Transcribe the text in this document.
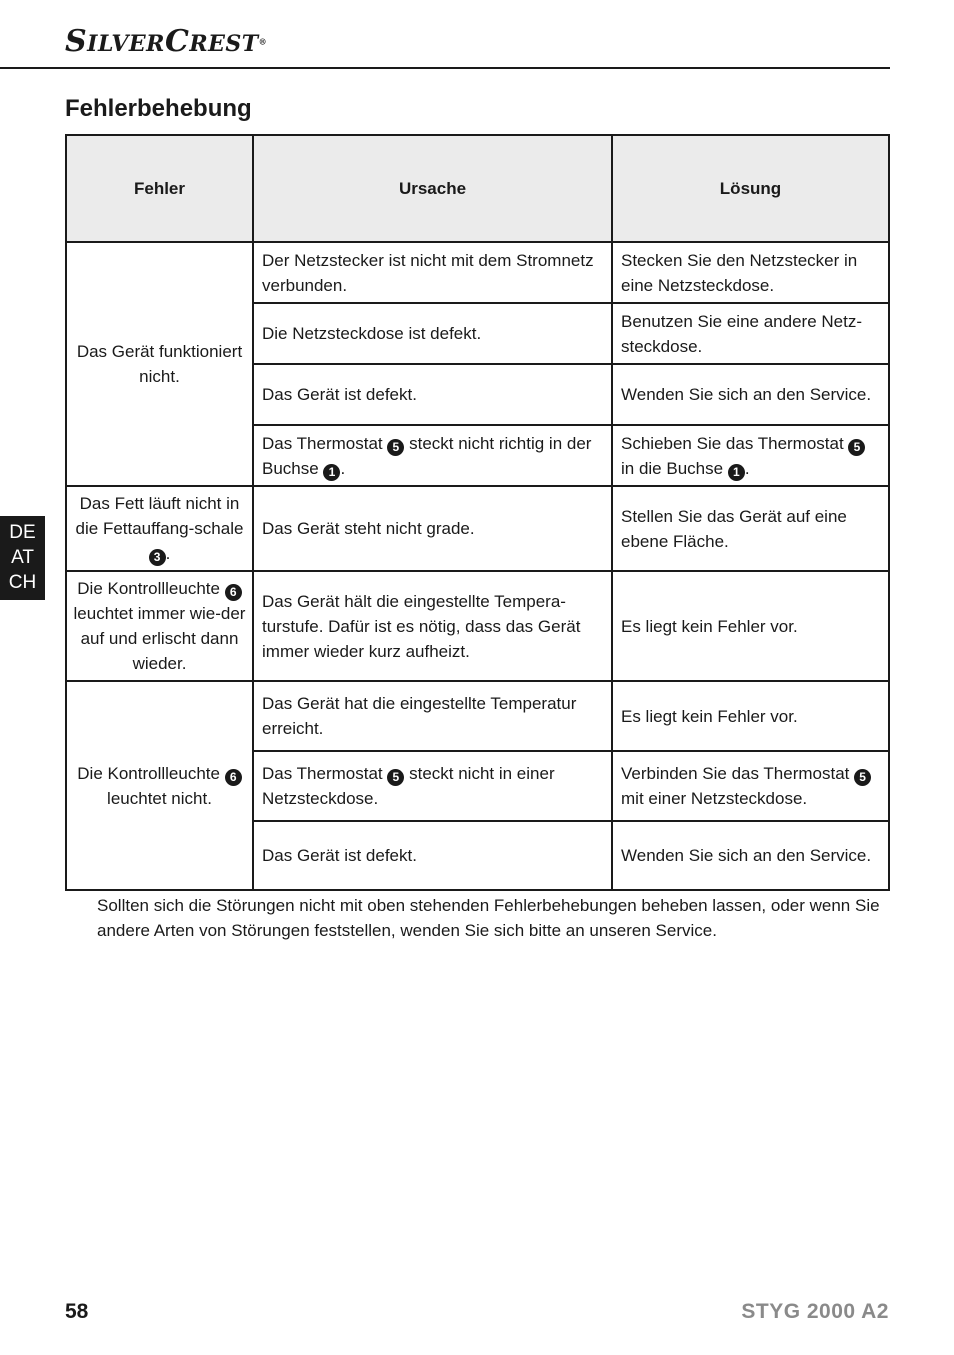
SILVERCREST®
Fehlerbehebung
DE
AT
CH
Fehler	Ursache	Lösung
Das Gerät funktioniert nicht.	Der Netzstecker ist nicht mit dem Stromnetz verbunden.	Stecken Sie den Netzstecker in eine Netzsteckdose.
	Die Netzsteckdose ist defekt.	Benutzen Sie eine andere Netz-steckdose.
	Das Gerät ist defekt.	Wenden Sie sich an den Service.
	Das Thermostat 5 steckt nicht richtig in der Buchse 1 .	Schieben Sie das Thermostat 5 in die Buchse 1 .
Das Fett läuft nicht in die Fettauffang-schale 3 .	Das Gerät steht nicht grade.	Stellen Sie das Gerät auf eine ebene Fläche.
Die Kontrollleuchte 6 leuchtet immer wie-der auf und erlischt dann wieder.	Das Gerät hält die eingestellte Tempera-turstufe. Dafür ist es nötig, dass das Gerät immer wieder kurz aufheizt.	Es liegt kein Fehler vor.
Die Kontrollleuchte 6 leuchtet nicht.	Das Gerät hat die eingestellte Temperatur erreicht.	Es liegt kein Fehler vor.
	Das Thermostat 5 steckt nicht in einer Netzsteckdose.	Verbinden Sie das Thermostat 5 mit einer Netzsteckdose.
	Das Gerät ist defekt.	Wenden Sie sich an den Service.

Sollten sich die Störungen nicht mit oben stehenden Fehlerbehebungen beheben lassen, oder wenn Sie andere Arten von Störungen feststellen, wenden Sie sich bitte an unseren Service.

58	STYG 2000 A2
